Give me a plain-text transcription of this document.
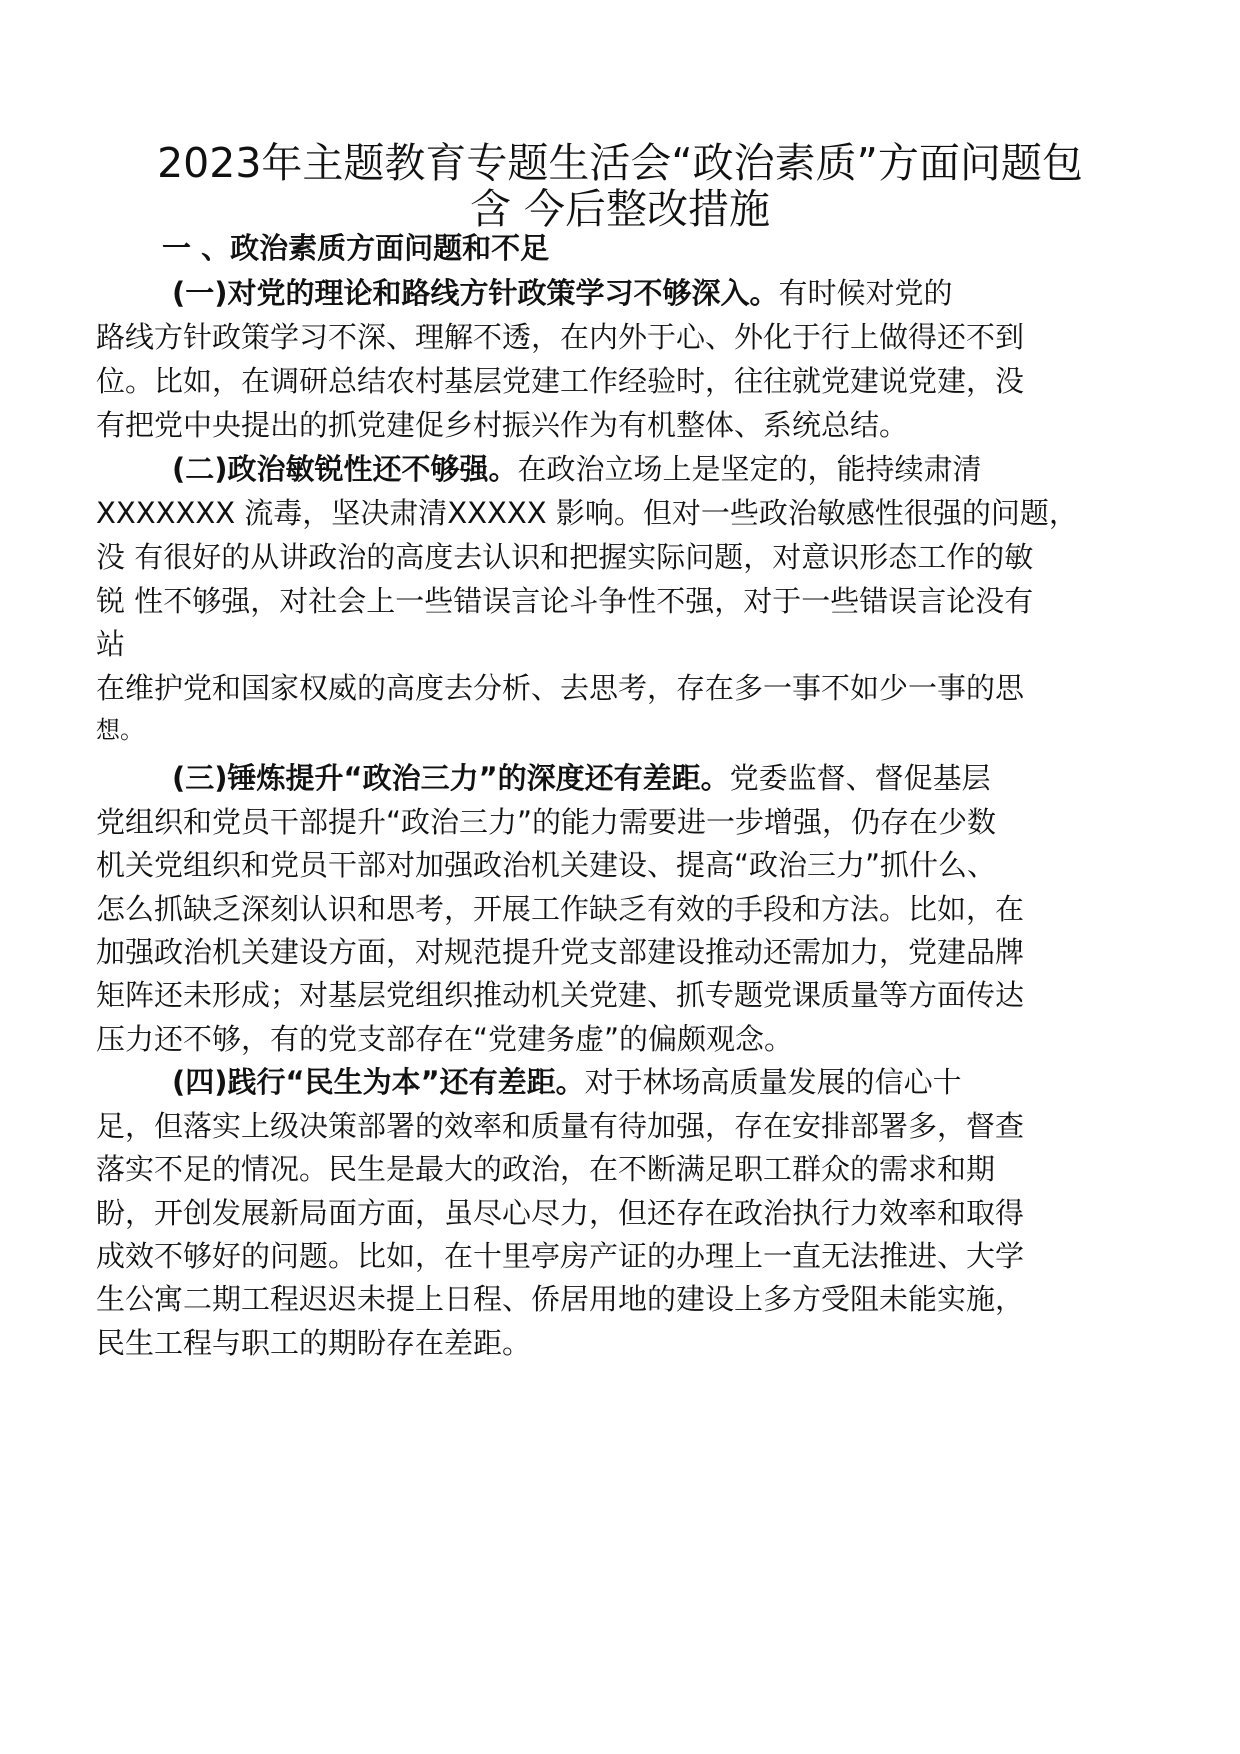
2023年主题教育专题生活会“政治素质”方面问题包
含 今后整改措施
一 、政治素质方面问题和不足
(一)对党的理论和路线方针政策学习不够深入。有时候对党的
路线方针政策学习不深、理解不透，在内外于心、外化于行上做得还不到
位。比如，在调研总结农村基层党建工作经验时，往往就党建说党建，没
有把党中央提出的抓党建促乡村振兴作为有机整体、系统总结。
(二)政治敏锐性还不够强。在政治立场上是坚定的，能持续肃清
XXXXXXX 流毒，坚决肃清XXXXX 影响。但对一些政治敏感性很强的问题，
没 有很好的从讲政治的高度去认识和把握实际问题，对意识形态工作的敏
锐 性不够强，对社会上一些错误言论斗争性不强，对于一些错误言论没有
站
在维护党和国家权威的高度去分析、去思考，存在多一事不如少一事的思
想。
(三)锤炼提升“政治三力”的深度还有差距。党委监督、督促基层
党组织和党员干部提升“政治三力”的能力需要进一步增强，仍存在少数
机关党组织和党员干部对加强政治机关建设、提高“政治三力”抓什么、
怎么抓缺乏深刻认识和思考，开展工作缺乏有效的手段和方法。比如，在
加强政治机关建设方面，对规范提升党支部建设推动还需加力，党建品牌
矩阵还未形成；对基层党组织推动机关党建、抓专题党课质量等方面传达
压力还不够，有的党支部存在“党建务虚”的偏颇观念。
(四)践行“民生为本”还有差距。对于林场高质量发展的信心十
足，但落实上级决策部署的效率和质量有待加强，存在安排部署多，督查
落实不足的情况。民生是最大的政治，在不断满足职工群众的需求和期
盼，开创发展新局面方面，虽尽心尽力，但还存在政治执行力效率和取得
成效不够好的问题。比如，在十里亭房产证的办理上一直无法推进、大学
生公寓二期工程迟迟未提上日程、侨居用地的建设上多方受阻未能实施，
民生工程与职工的期盼存在差距。
